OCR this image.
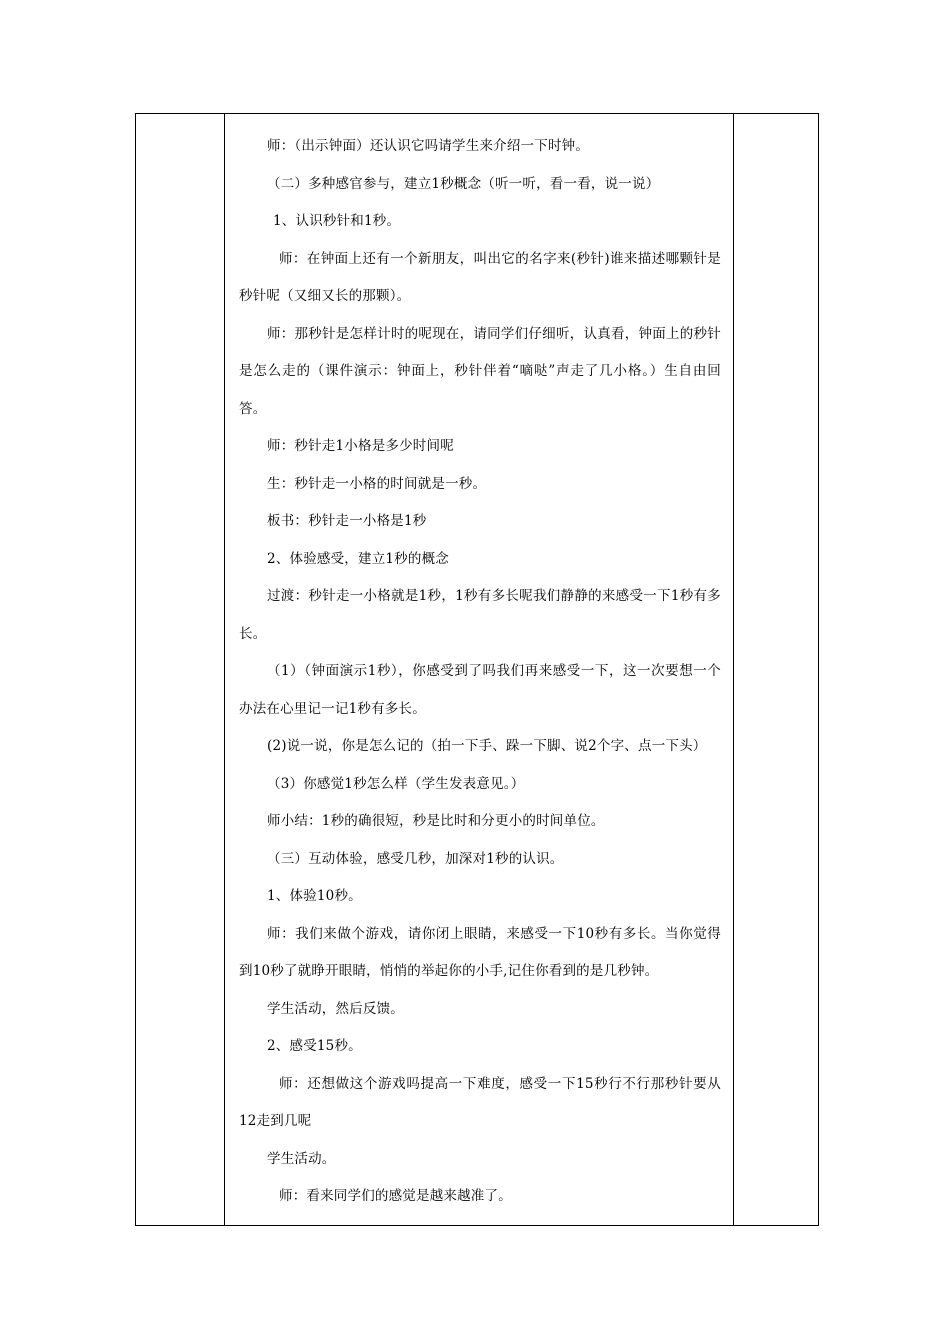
师：（出示钟面）还认识它吗请学生来介绍一下时钟。

（二）多种感官参与，建立1秒概念（听一听，看一看，说一说）

1、认识秒针和1秒。

师：在钟面上还有一个新朋友，叫出它的名字来(秒针)谁来描述哪颗针是秒针呢（又细又长的那颗）。

师：那秒针是怎样计时的呢现在，请同学们仔细听，认真看，钟面上的秒针是怎么走的（课件演示：钟面上，秒针伴着“嘀哒”声走了几小格。）生自由回答。

师：秒针走1小格是多少时间呢

生：秒针走一小格的时间就是一秒。

板书：秒针走一小格是1秒

2、体验感受，建立1秒的概念

过渡：秒针走一小格就是1秒，1秒有多长呢我们静静的来感受一下1秒有多长。

（1）（钟面演示1秒），你感受到了吗我们再来感受一下，这一次要想一个办法在心里记一记1秒有多长。

(2)说一说，你是怎么记的（拍一下手、跺一下脚、说2个字、点一下头）

（3）你感觉1秒怎么样（学生发表意见。）

师小结：1秒的确很短，秒是比时和分更小的时间单位。

（三）互动体验，感受几秒，加深对1秒的认识。

1、体验10秒。

师：我们来做个游戏，请你闭上眼睛，来感受一下10秒有多长。当你觉得到10秒了就睁开眼睛，悄悄的举起你的小手,记住你看到的是几秒钟。

学生活动，然后反馈。

2、感受15秒。

师：还想做这个游戏吗提高一下难度，感受一下15秒行不行那秒针要从12走到几呢

学生活动。

师：看来同学们的感觉是越来越准了。
